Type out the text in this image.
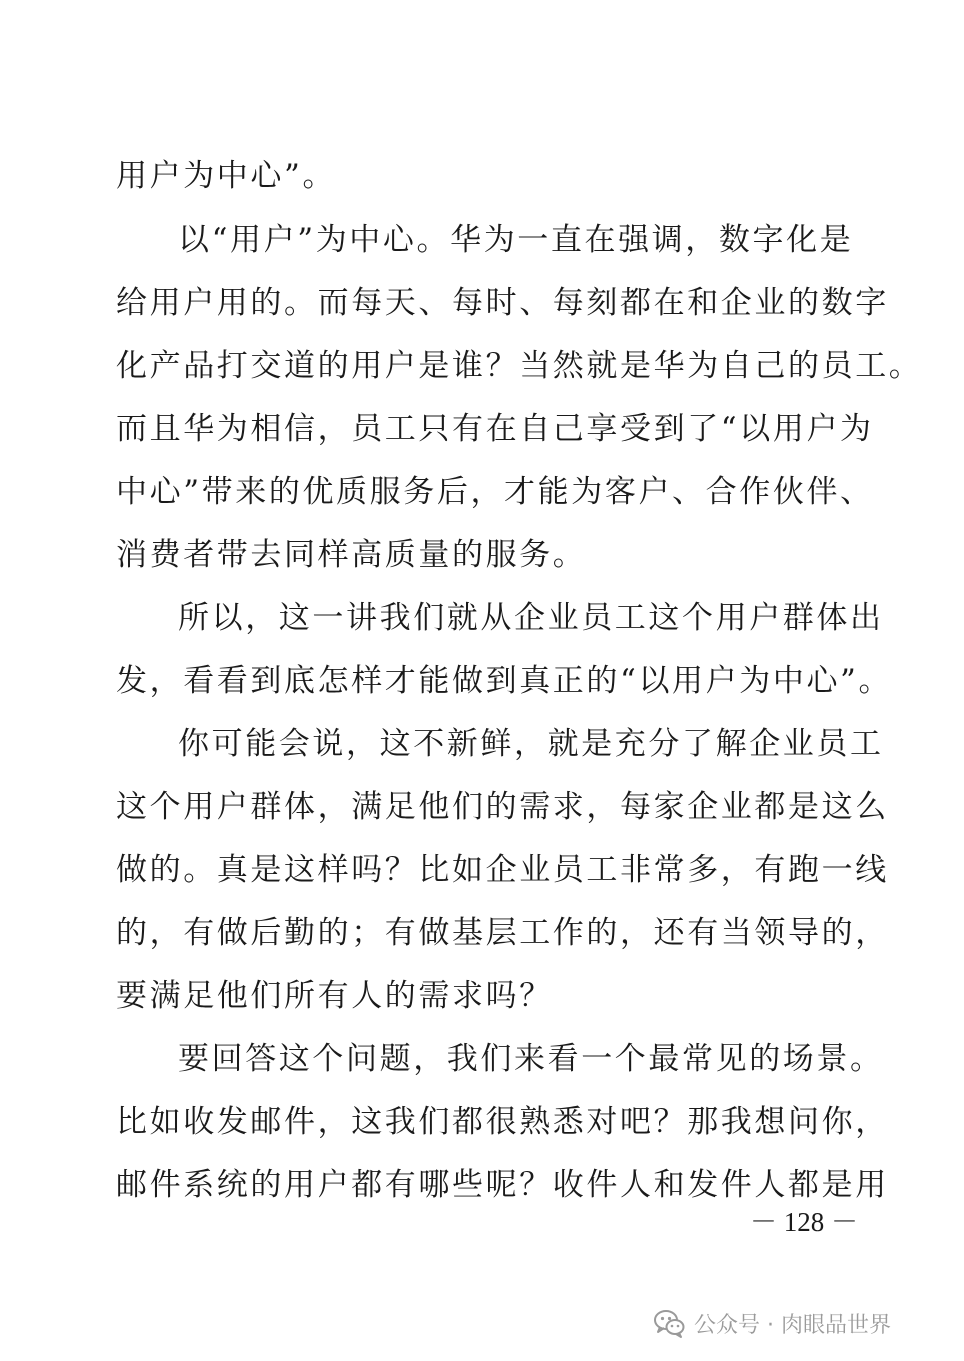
用户为中心”。
以“用户”为中心。华为一直在强调，数字化是
给用户用的。而每天、每时、每刻都在和企业的数字
化产品打交道的用户是谁？当然就是华为自己的员工。
而且华为相信，员工只有在自己享受到了“以用户为
中心”带来的优质服务后，才能为客户、合作伙伴、
消费者带去同样高质量的服务。
所以，这一讲我们就从企业员工这个用户群体出
发，看看到底怎样才能做到真正的“以用户为中心”。
你可能会说，这不新鲜，就是充分了解企业员工
这个用户群体，满足他们的需求，每家企业都是这么
做的。真是这样吗？比如企业员工非常多，有跑一线
的，有做后勤的；有做基层工作的，还有当领导的，
要满足他们所有人的需求吗？
要回答这个问题，我们来看一个最常见的场景。
比如收发邮件，这我们都很熟悉对吧？那我想问你，
邮件系统的用户都有哪些呢？收件人和发件人都是用
－ 128 －
公众号 · 肉眼品世界
